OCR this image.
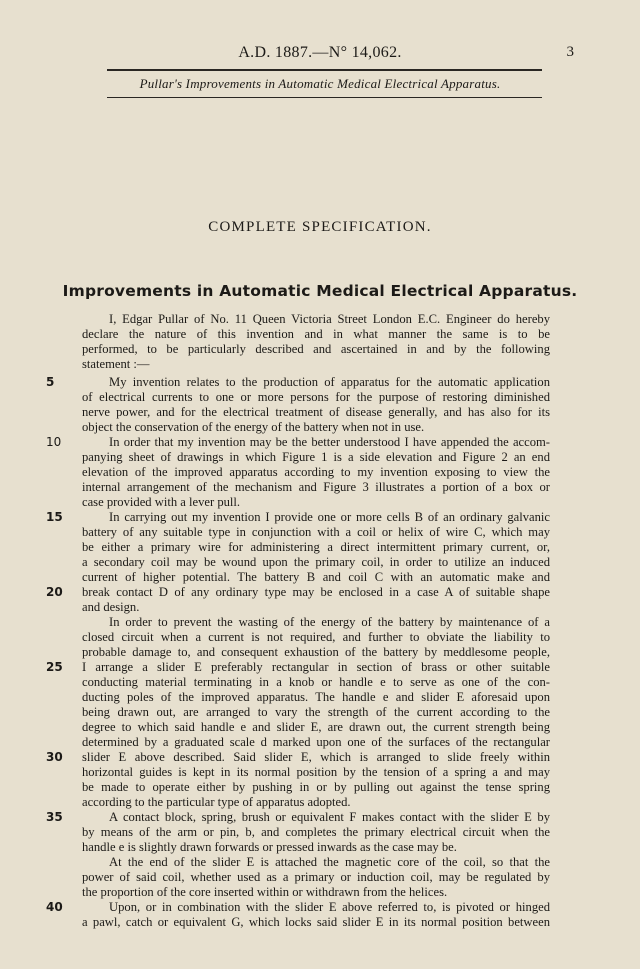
A.D. 1887.—N° 14,062.	3
Pullar's Improvements in Automatic Medical Electrical Apparatus.
COMPLETE SPECIFICATION.
Improvements in Automatic Medical Electrical Apparatus.
I, Edgar Pullar of No. 11 Queen Victoria Street London E.C. Engineer do hereby
declare the nature of this invention and in what manner the same is to be
performed, to be particularly described and ascertained in and by the following
statement :—
My invention relates to the production of apparatus for the automatic application
of electrical currents to one or more persons for the purpose of restoring diminished
nerve power, and for the electrical treatment of disease generally, and has also for its
object the conservation of the energy of the battery when not in use.
In order that my invention may be the better understood I have appended the accom-
panying sheet of drawings in which Figure 1 is a side elevation and Figure 2 an end
elevation of the improved apparatus according to my invention exposing to view the
internal arrangement of the mechanism and Figure 3 illustrates a portion of a box or
case provided with a lever pull.
In carrying out my invention I provide one or more cells B of an ordinary galvanic
battery of any suitable type in conjunction with a coil or helix of wire C, which may
be either a primary wire for administering a direct intermittent primary current, or,
a secondary coil may be wound upon the primary coil, in order to utilize an induced
current of higher potential. The battery B and coil C with an automatic make and
break contact D of any ordinary type may be enclosed in a case A of suitable shape
and design.
In order to prevent the wasting of the energy of the battery by maintenance of a
closed circuit when a current is not required, and further to obviate the liability to
probable damage to, and consequent exhaustion of the battery by meddlesome people,
I arrange a slider E preferably rectangular in section of brass or other suitable
conducting material terminating in a knob or handle e to serve as one of the con-
ducting poles of the improved apparatus. The handle e and slider E aforesaid upon
being drawn out, are arranged to vary the strength of the current according to the
degree to which said handle e and slider E, are drawn out, the current strength being
determined by a graduated scale d marked upon one of the surfaces of the rectangular
slider E above described. Said slider E, which is arranged to slide freely within
horizontal guides is kept in its normal position by the tension of a spring a and may
be made to operate either by pushing in or by pulling out against the tense spring
according to the particular type of apparatus adopted.
A contact block, spring, brush or equivalent F makes contact with the slider E by
by means of the arm or pin, b, and completes the primary electrical circuit when the
handle e is slightly drawn forwards or pressed inwards as the case may be.
At the end of the slider E is attached the magnetic core of the coil, so that the
power of said coil, whether used as a primary or induction coil, may be regulated by
the proportion of the core inserted within or withdrawn from the helices.
Upon, or in combination with the slider E above referred to, is pivoted or hinged
a pawl, catch or equivalent G, which locks said slider E in its normal position between
5
10
15
20
25
30
35
40
